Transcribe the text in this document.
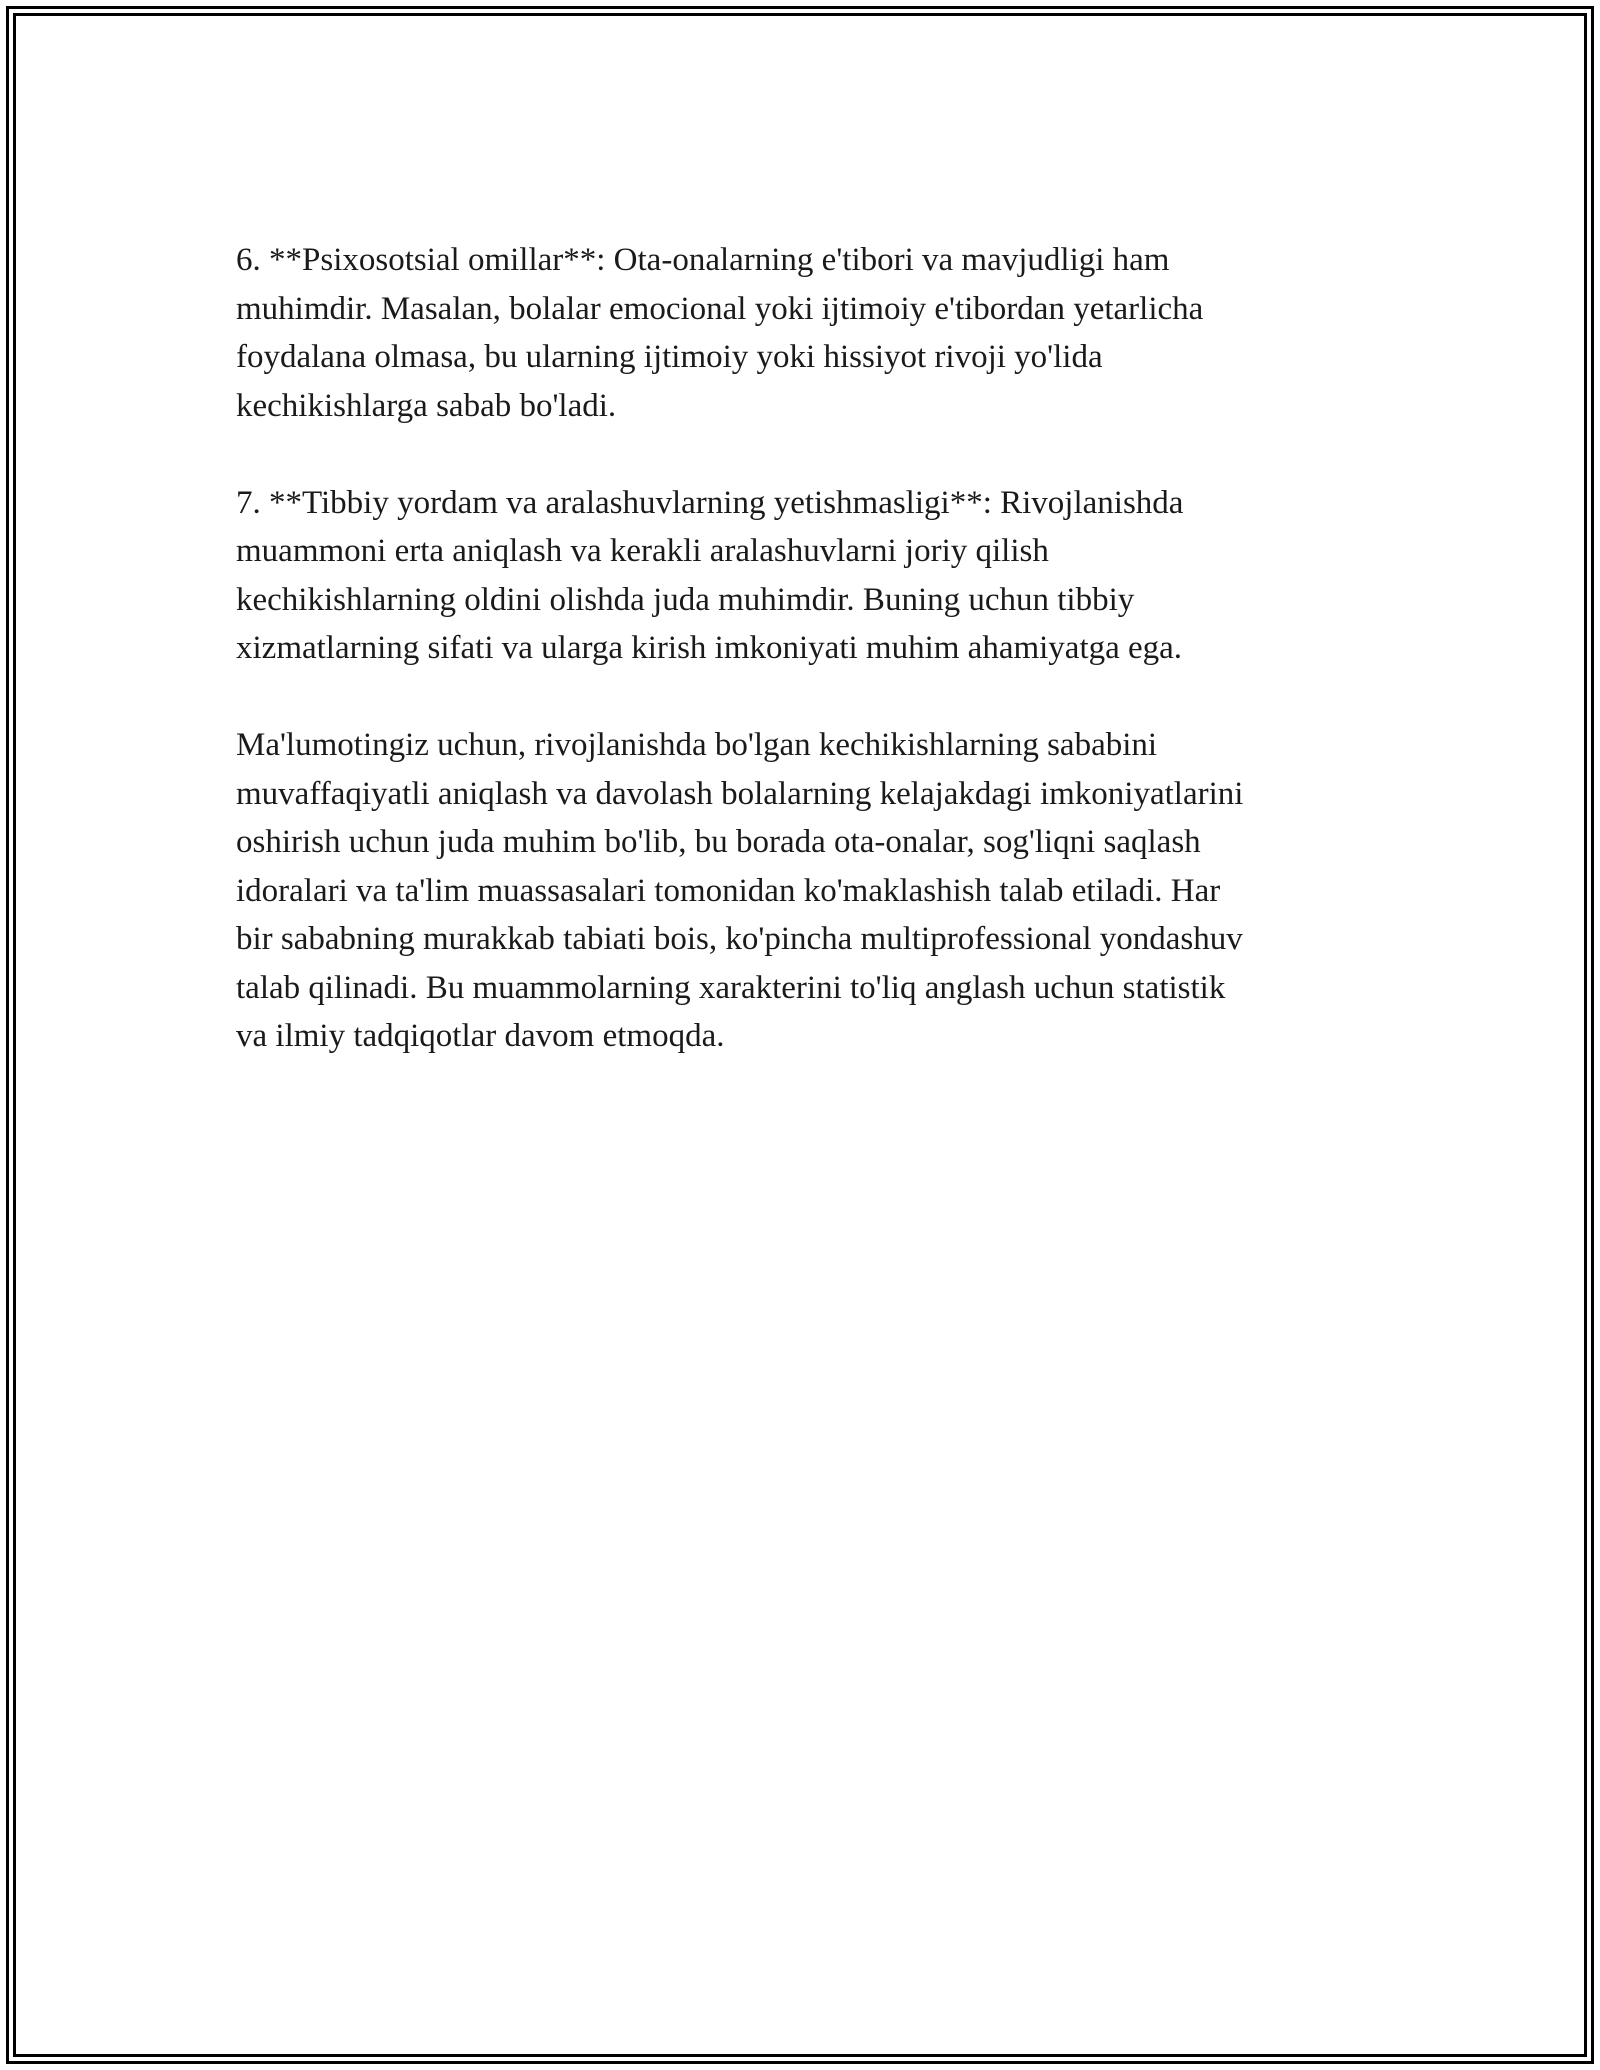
6. **Psixosotsial omillar**: Ota-onalarning e'tibori va mavjudligi ham
muhimdir. Masalan, bolalar emocional yoki ijtimoiy e'tibordan yetarlicha
foydalana olmasa, bu ularning ijtimoiy yoki hissiyot rivoji yo'lida
kechikishlarga sabab bo'ladi.

7. **Tibbiy yordam va aralashuvlarning yetishmasligi**: Rivojlanishda
muammoni erta aniqlash va kerakli aralashuvlarni joriy qilish
kechikishlarning oldini olishda juda muhimdir. Buning uchun tibbiy
xizmatlarning sifati va ularga kirish imkoniyati muhim ahamiyatga ega.

Ma'lumotingiz uchun, rivojlanishda bo'lgan kechikishlarning sababini
muvaffaqiyatli aniqlash va davolash bolalarning kelajakdagi imkoniyatlarini
oshirish uchun juda muhim bo'lib, bu borada ota-onalar, sog'liqni saqlash
idoralari va ta'lim muassasalari tomonidan ko'maklashish talab etiladi. Har
bir sababning murakkab tabiati bois, ko'pincha multiprofessional yondashuv
talab qilinadi. Bu muammolarning xarakterini to'liq anglash uchun statistik
va ilmiy tadqiqotlar davom etmoqda.
